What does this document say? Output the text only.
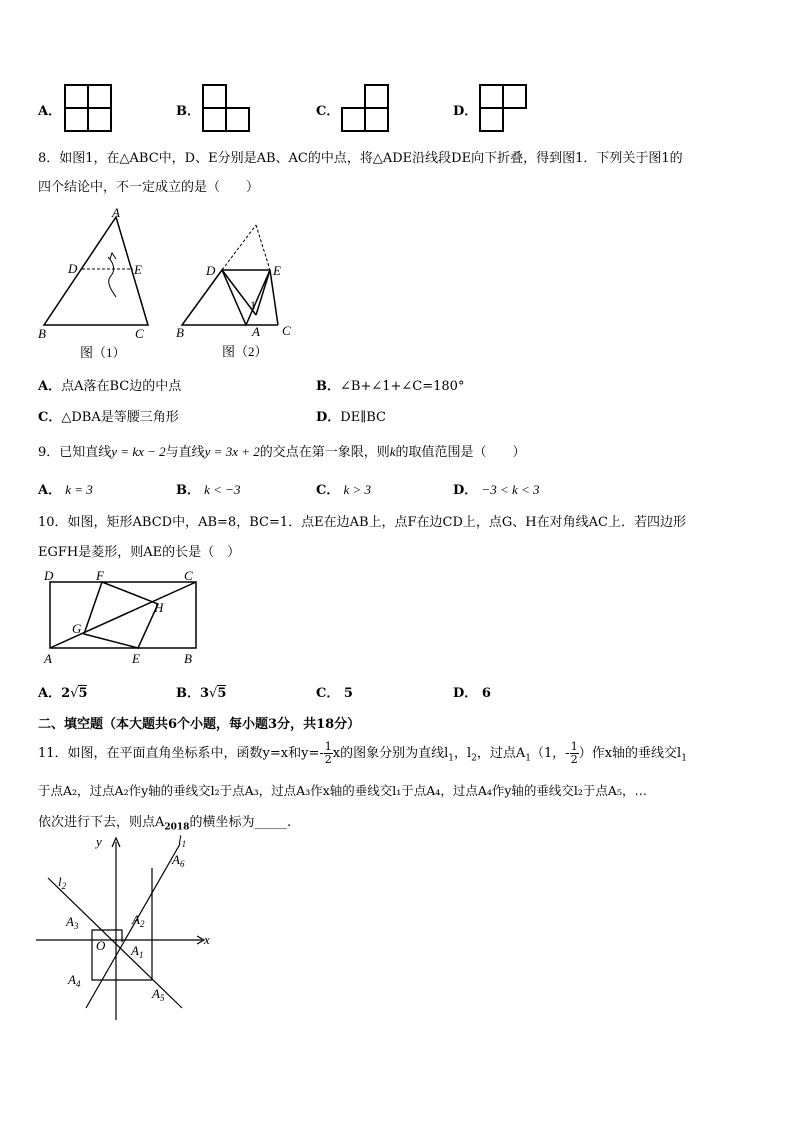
A．	B．	C．	D．
8．如图1，在△ABC中，D、E分别是AB、AC的中点，将△ADE沿线段DE向下折叠，得到图1．下列关于图1的
四个结论中，不一定成立的是（　　）
A
D	E
B	C
图（1）
D	E
1
B	A C
图（2）
A．点A落在BC边的中点	B．∠B+∠1+∠C=180°
C．△DBA是等腰三角形	D．DE∥BC
9．已知直线y = kx − 2与直线y = 3x + 2的交点在第一象限，则k的取值范围是（　　）
A． k = 3	B． k < −3	C． k > 3	D． −3 < k < 3
10．如图，矩形ABCD中，AB=8，BC=1．点E在边AB上，点F在边CD上，点G、H在对角线AC上．若四边形
EGFH是菱形，则AE的长是（　）
D	F	C
H
G
A	E	B
A．2√5	B．3√5	C． 5	D． 6
二、填空题（本大题共6个小题，每小题3分，共18分）
11．如图，在平面直角坐标系中，函数y=x和$y=- \frac{1}{2}$ x的图象分别为直线$l_1$，$l_2$，过点$A_1(1$，- $\frac{1}{2}$ ）作x轴的垂线交$l_1$
于点A₂，过点A₂作y轴的垂线交l₂于点A₃，过点A₃作x轴的垂线交l₁于点A₄，过点A₄作y轴的垂线交l₂于点A₅，…
依次进行下去，则点$A_{2018}$的横坐标为_____.
y
x
O
$l_1$
$l_2$
$A_1$
$A_2$
$A_3$
$A_4$
$A_5$
$A_6$
